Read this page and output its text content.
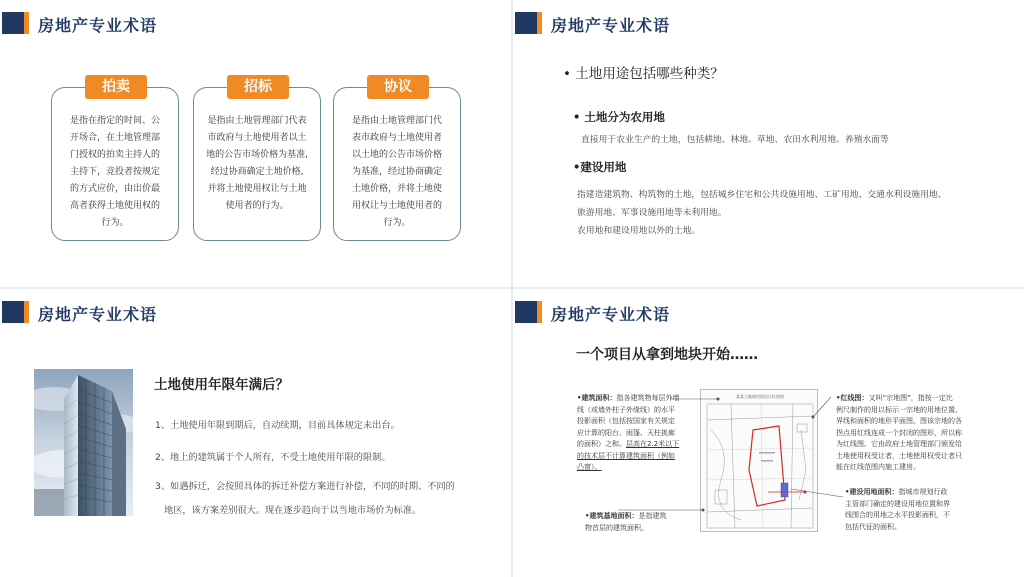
房地产专业术语
拍卖
是指在指定的时间、公
开场合，在土地管理部
门授权的拍卖主持人的
主持下，竞投者按规定
的方式应价，由出价最
高者获得土地使用权的
行为。
招标
是指由土地管理部门代表
市政府与土地使用者以土
地的公告市场价格为基准,
经过协商确定土地价格,
并将土地使用权让与土地
使用者的行为。
协议
是指由土地管理部门代
表市政府与土地使用者
以土地的公告市场价格
为基准，经过协商确定
土地价格，并将土地使
用权让与土地使用者的
行为。
房地产专业术语
• 土地用途包括哪些种类？
• 土地分为农用地
直接用于农业生产的土地，包括耕地、林地、草地、农田水利用地、养殖水面等
•建设用地
指建造建筑物、构筑物的土地，包括城乡住宅和公共设施用地、工矿用地、交通水利设施用地、
旅游用地、军事设施用地等未利用地。
农用地和建设用地以外的土地。
房地产专业术语
土地使用年限年满后？
1、土地使用年限到期后，自动续期，目前具体规定未出台。
2、地上的建筑属于个人所有，不受土地使用年限的限制。
3、如遇拆迁，会按照具体的拆迁补偿方案进行补偿，不同的时期、不同的
地区，该方案差别很大。现在逐步趋向于以当地市场价为标准。
房地产专业术语
一个项目从拿到地块开始……
•建筑面积：指各建筑物每层外墙
线（或墙外柱子外缘线）的水平
投影面积（包括按国家有关规定
应计算的阳台、雨篷、天柱挑廊
的面积）之和。层高在2.2米以下
的技术层不计算建筑面积（例如
凸窗）。
某某土地使用权出让红线图	•红线图：又叫“宗地图”，指按一定比
例尺制作的用以标示一宗地的用地位置、
界线和面积的地形平面图。图该宗地的各
拐点用红线连成一个封闭的图形，所以称
为红线图。它由政府土地管理部门颁发给
土地使用权受让者，土地使用权受让者只
能在红线范围内施工建房。
•建设用地面积：指城市规划行政
主管部门确定的建设用地位置和界
线围合的用地之水平投影面积，不
包括代征的面积。
•建筑基地面积：是指建筑
物首层的建筑面积。
